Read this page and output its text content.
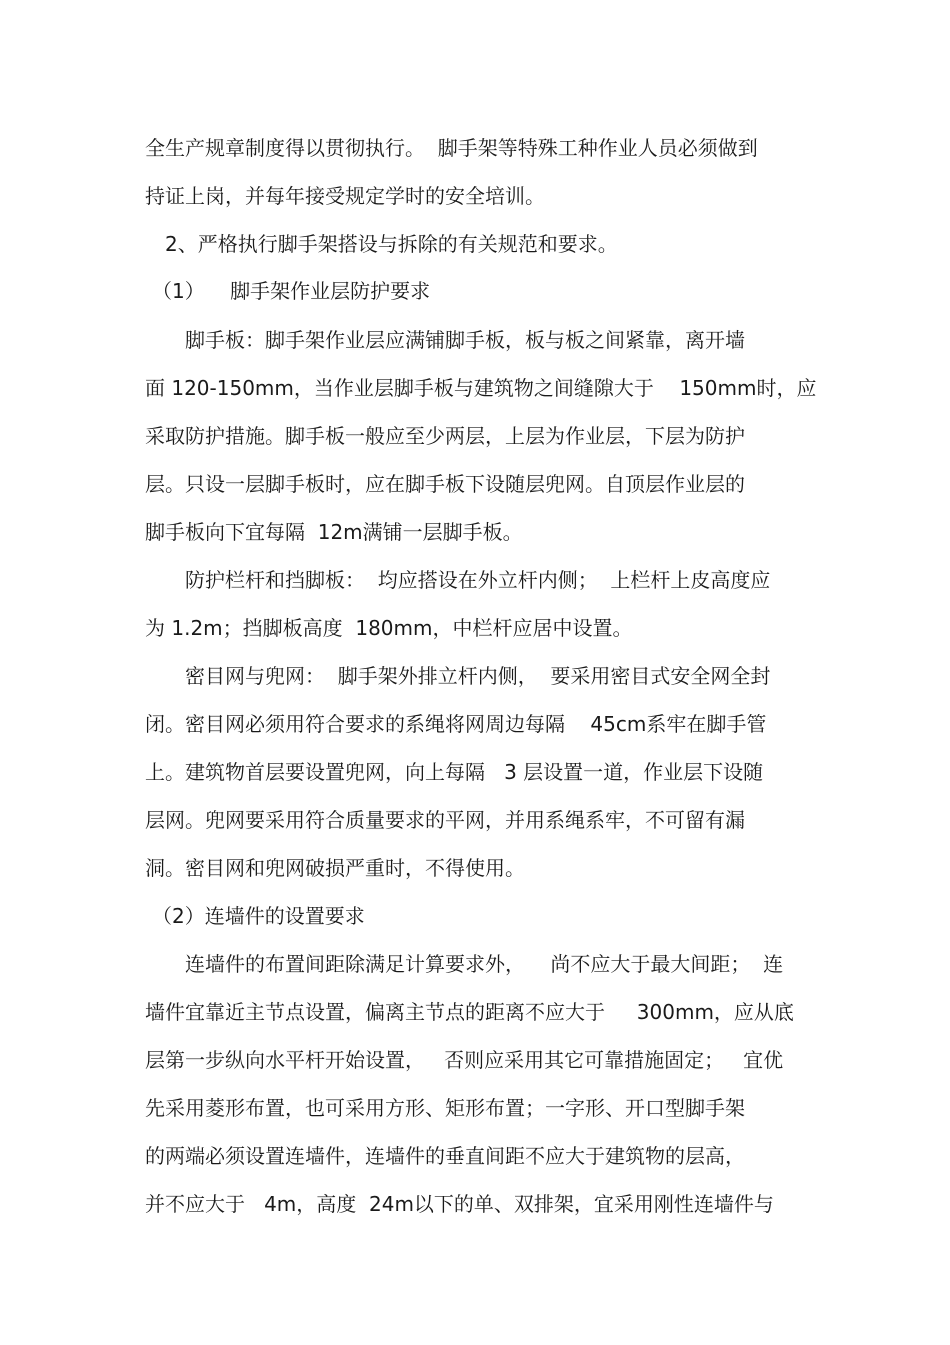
全生产规章制度得以贯彻执行。  脚手架等特殊工种作业人员必须做到
持证上岗，并每年接受规定学时的安全培训。
2、严格执行脚手架搭设与拆除的有关规范和要求。
（1）    脚手架作业层防护要求
脚手板：脚手架作业层应满铺脚手板，板与板之间紧靠，离开墙
面 120-150mm，当作业层脚手板与建筑物之间缝隙大于    150mm时，应
采取防护措施。脚手板一般应至少两层，上层为作业层，下层为防护
层。只设一层脚手板时，应在脚手板下设随层兜网。自顶层作业层的
脚手板向下宜每隔  12m满铺一层脚手板。
防护栏杆和挡脚板：  均应搭设在外立杆内侧；  上栏杆上皮高度应
为 1.2m；挡脚板高度  180mm，中栏杆应居中设置。
密目网与兜网：  脚手架外排立杆内侧，  要采用密目式安全网全封
闭。密目网必须用符合要求的系绳将网周边每隔    45cm系牢在脚手管
上。建筑物首层要设置兜网，向上每隔   3 层设置一道，作业层下设随
层网。兜网要采用符合质量要求的平网，并用系绳系牢，不可留有漏
洞。密目网和兜网破损严重时，不得使用。
（2）连墙件的设置要求
连墙件的布置间距除满足计算要求外，    尚不应大于最大间距；  连
墙件宜靠近主节点设置，偏离主节点的距离不应大于     300mm，应从底
层第一步纵向水平杆开始设置，   否则应采用其它可靠措施固定；   宜优
先采用菱形布置，也可采用方形、矩形布置；一字形、开口型脚手架
的两端必须设置连墙件，连墙件的垂直间距不应大于建筑物的层高，
并不应大于   4m，高度  24m以下的单、双排架，宜采用刚性连墙件与
